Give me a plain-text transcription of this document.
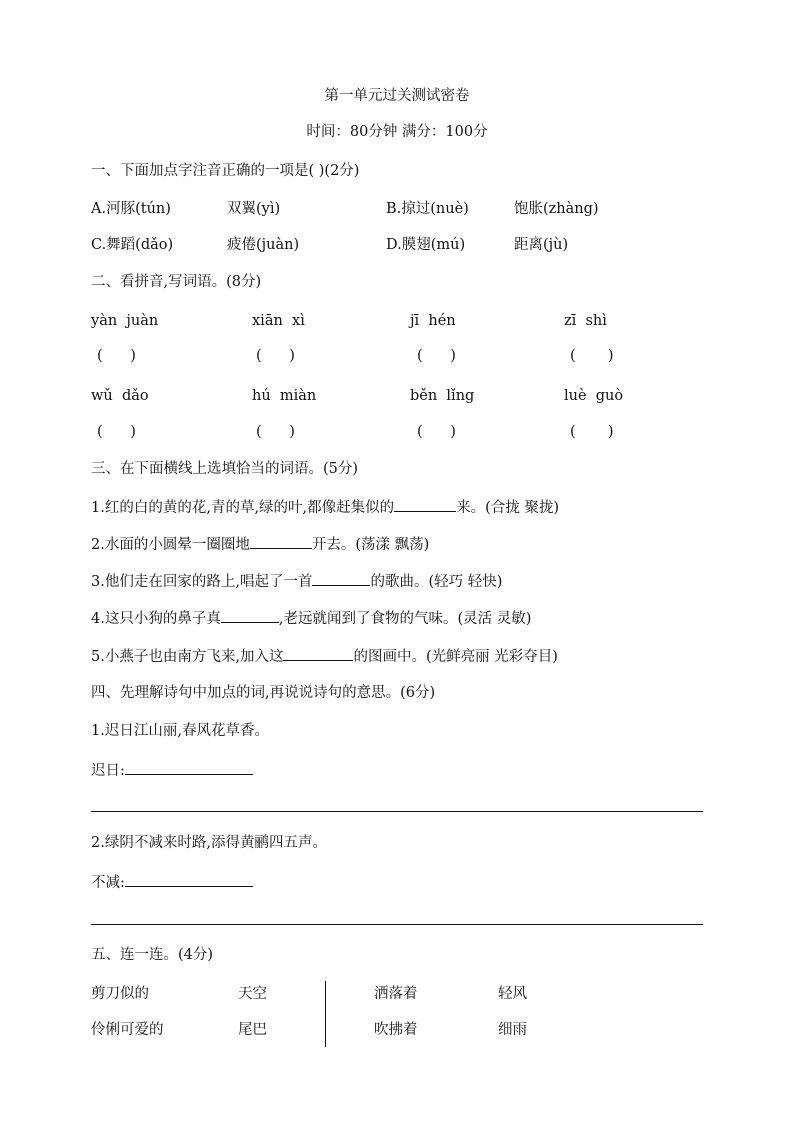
第一单元过关测试密卷
时间：80分钟 满分：100分
一、下面加点字注音正确的一项是( )(2分)
A.河豚(tún)	双翼(yì)	B.掠过(nuè)	饱胀(zhàng)
C.舞蹈(dǎo)	疲倦(juàn)	D.膜翅(mú)	距离(jù)
二、看拼音,写词语。(8分)
yàn  juàn	xiān  xì	jī  hén	zī  shì
(      )	(      )	(      )	(       )
wǔ  dǎo	hú  miàn	běn  lǐng	luè  guò
(      )	(      )	(      )	(       )
三、在下面横线上选填恰当的词语。(5分)
1.红的白的黄的花,青的草,绿的叶,都像赶集似的	来。(合拢 聚拢)
2.水面的小圆晕一圈圈地	开去。(荡漾 飘荡)
3.他们走在回家的路上,唱起了一首	的歌曲。(轻巧 轻快)
4.这只小狗的鼻子真	,老远就闻到了食物的气味。(灵活 灵敏)
5.小燕子也由南方飞来,加入这	的图画中。(光鲜亮丽 光彩夺目)
四、先理解诗句中加点的词,再说说诗句的意思。(6分)
1.迟日江山丽,春风花草香。
迟日:
2.绿阴不减来时路,添得黄鹂四五声。
不减:
五、连一连。(4分)
剪刀似的	天空	洒落着	轻风
伶俐可爱的	尾巴	吹拂着	细雨
